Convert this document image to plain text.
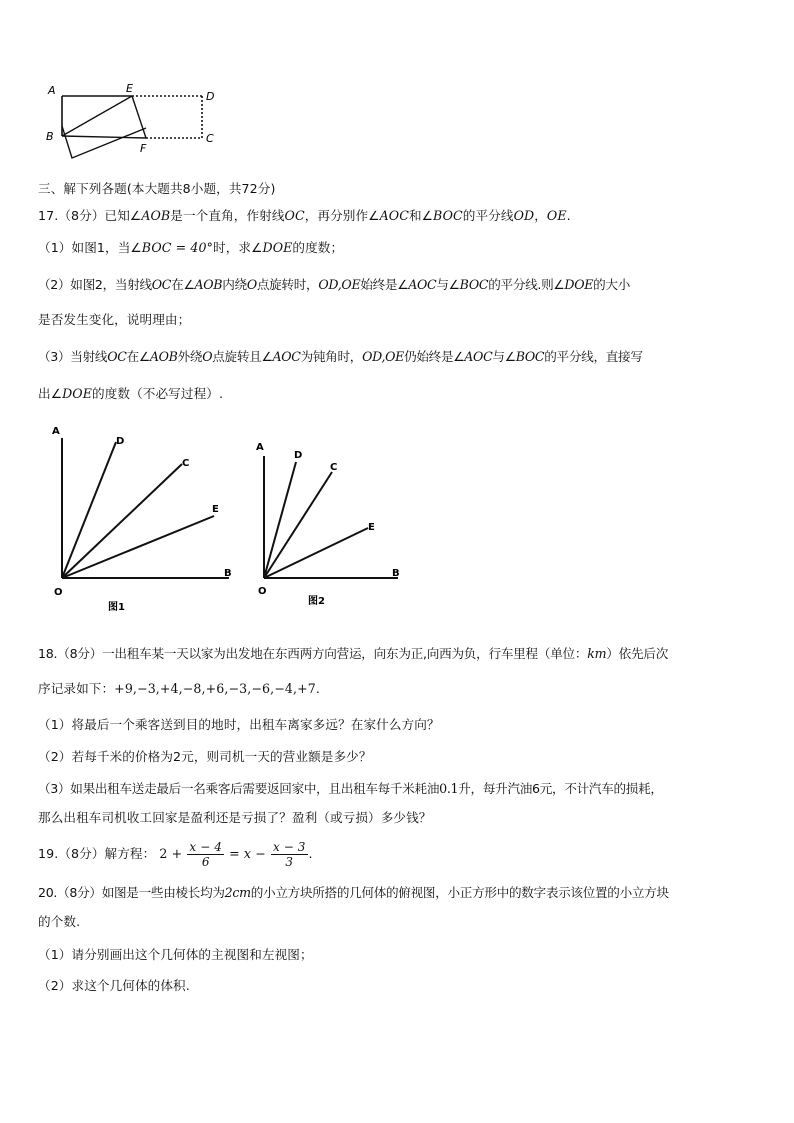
A	E
D
B
F
C
三、解下列各题(本大题共8小题，共72分)
17.（8分）已知∠AOB是一个直角，作射线OC，再分别作∠AOC和∠BOC的平分线OD，OE.
（1）如图1，当∠BOC = 40°时，求∠DOE的度数；
（2）如图2，当射线OC在∠AOB内绕O点旋转时，OD,OE始终是∠AOC与∠BOC的平分线.则∠DOE的大小
是否发生变化，说明理由；
（3）当射线OC在∠AOB外绕O点旋转且∠AOC为钝角时，OD,OE仍始终是∠AOC与∠BOC的平分线，直接写
出∠DOE的度数（不必写过程）.
A
D
C
E
B
O
图1
A
D
C
E
B
O
图2
18.（8分）一出租车某一天以家为出发地在东西两方向营运，向东为正,向西为负，行车里程（单位：km）依先后次
序记录如下：+9,−3,+4,−8,+6,−3,−6,−4,+7.
（1）将最后一个乘客送到目的地时，出租车离家多远？在家什么方向？
（2）若每千米的价格为2元，则司机一天的营业额是多少？
（3）如果出租车送走最后一名乘客后需要返回家中，且出租车每千米耗油0.1升，每升汽油6元，不计汽车的损耗，
那么出租车司机收工回家是盈利还是亏损了？盈利（或亏损）多少钱？
19.（8分）解方程： $2 + \frac{x - 4}{6} = x - \frac{x - 3}{3}$ .
20.（8分）如图是一些由棱长均为2cm的小立方块所搭的几何体的俯视图，小正方形中的数字表示该位置的小立方块
的个数.
（1）请分别画出这个几何体的主视图和左视图；
（2）求这个几何体的体积.
